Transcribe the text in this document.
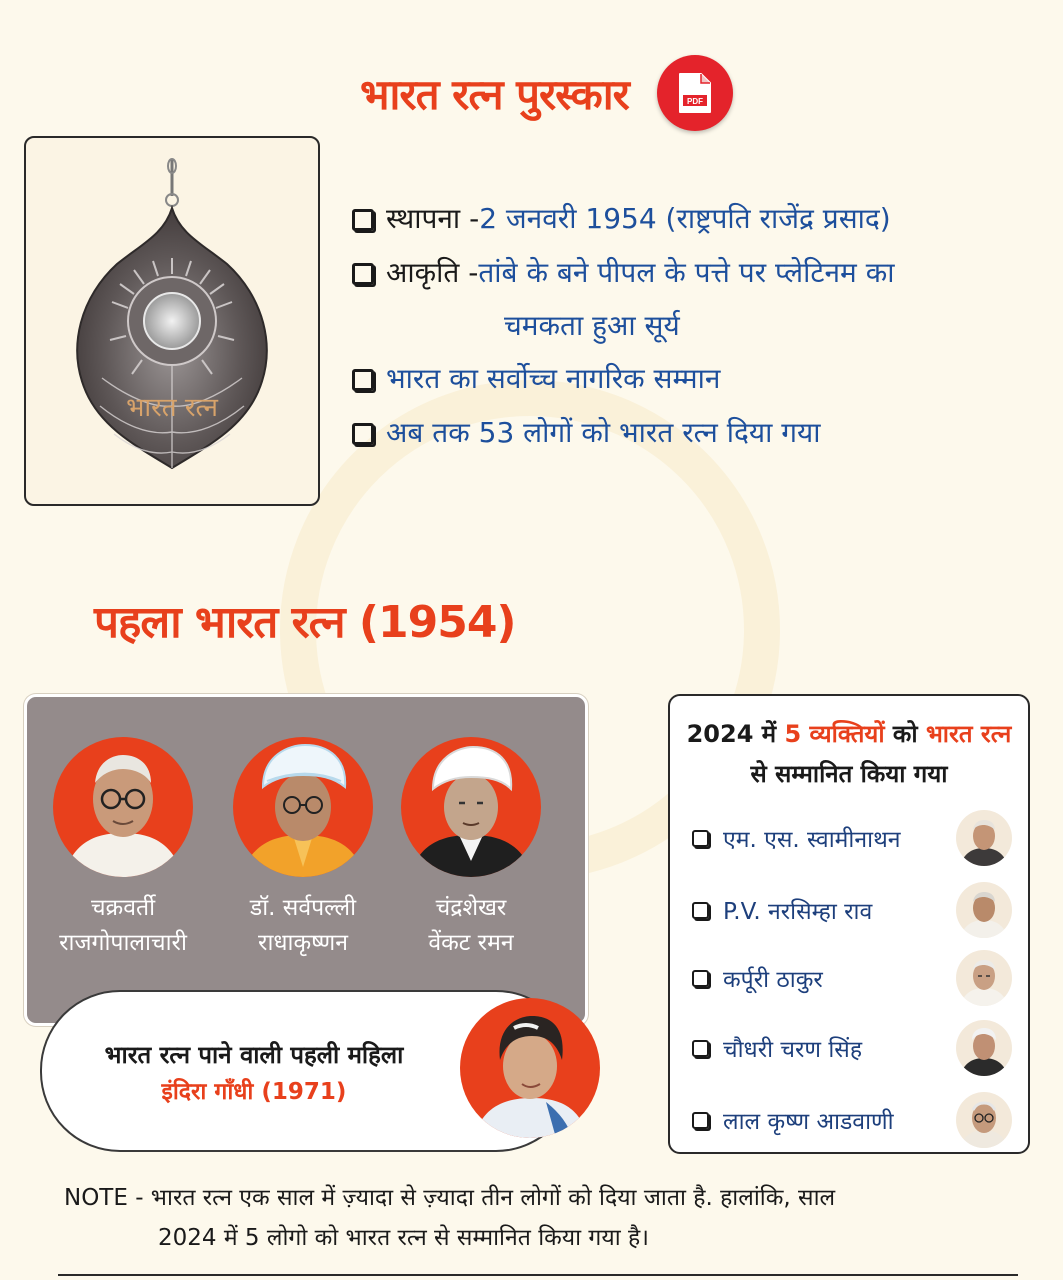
भारत रत्न पुरस्कार	PDF
भारत रत्न
स्थापना - 2 जनवरी 1954 (राष्ट्रपति राजेंद्र प्रसाद)
आकृति - तांबे के बने पीपल के पत्ते पर प्लेटिनम का
चमकता हुआ सूर्य
भारत का सर्वोच्च नागरिक सम्मान
अब तक 53 लोगों को भारत रत्न दिया गया
पहला भारत रत्न (1954)
चक्रवर्ती
राजगोपालाचारी
डॉ. सर्वपल्ली
राधाकृष्णन
चंद्रशेखर
वेंकट रमन
भारत रत्न पाने वाली पहली महिला
इंदिरा गाँधी (1971)
2024 में 5 व्यक्तियों को भारत रत्न
से सम्मानित किया गया
एम. एस. स्वामीनाथन
P.V. नरसिम्हा राव
कर्पूरी ठाकुर
चौधरी चरण सिंह
लाल कृष्ण आडवाणी
NOTE - भारत रत्न एक साल में ज़्यादा से ज़्यादा तीन लोगों को दिया जाता है. हालांकि, साल
2024 में 5 लोगो को भारत रत्न से सम्मानित किया गया है।
